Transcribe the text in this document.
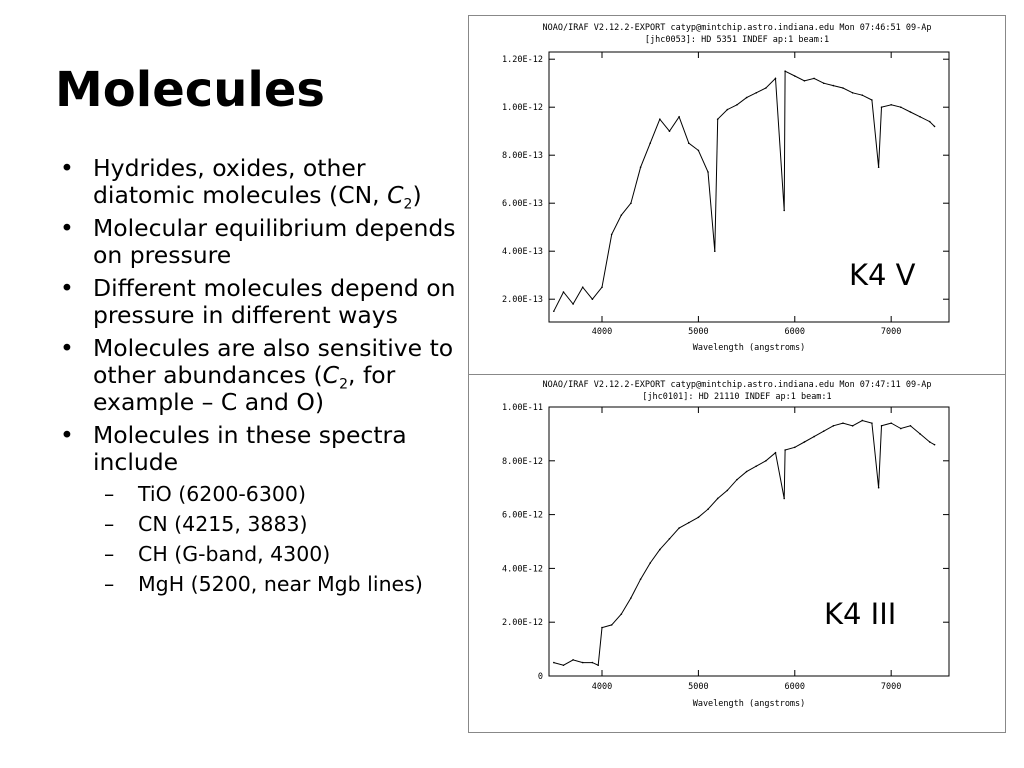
Molecules
• Hydrides, oxides, other diatomic molecules (CN, $C_2$)
• Molecular equilibrium depends on pressure
• Different molecules depend on pressure in different ways
• Molecules are also sensitive to other abundances ($C_2$, for example – C and O)
• Molecules in these spectra include
– TiO (6200-6300)
– CN (4215, 3883)
– CH (G-band, 4300)
– MgH (5200, near Mgb lines)
NOAO/IRAF V2.12.2-EXPORT catyp@mintchip.astro.indiana.edu Mon 07:46:51 09-Ap
[jhc0053]: HD 5351 INDEF ap:1 beam:1
2.00E-13
4.00E-13
6.00E-13
8.00E-13
1.00E-12
1.20E-12
4000	5000	6000	7000
Wavelength (angstroms)
K4 V
NOAO/IRAF V2.12.2-EXPORT catyp@mintchip.astro.indiana.edu Mon 07:47:11 09-Ap
[jhc0101]: HD 21110 INDEF ap:1 beam:1
0
2.00E-12
4.00E-12
6.00E-12
8.00E-12
1.00E-11
4000	5000	6000	7000
Wavelength (angstroms)
K4 III
